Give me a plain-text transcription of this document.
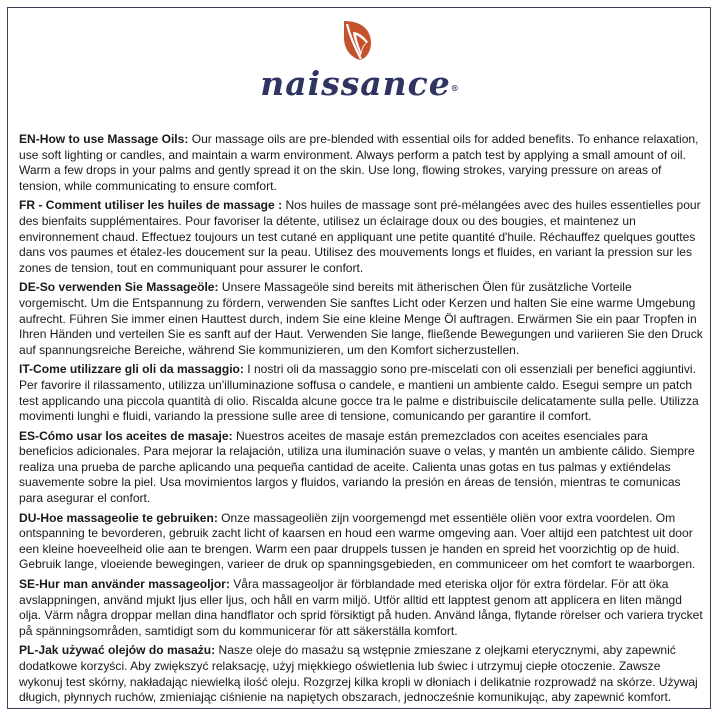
naissance®

EN-How to use Massage Oils: Our massage oils are pre-blended with essential oils for added benefits. To enhance relaxation, use soft lighting or candles, and maintain a warm environment. Always perform a patch test by applying a small amount of oil. Warm a few drops in your palms and gently spread it on the skin. Use long, flowing strokes, varying pressure on areas of tension, while communicating to ensure comfort.

FR - Comment utiliser les huiles de massage : Nos huiles de massage sont pré-mélangées avec des huiles essentielles pour des bienfaits supplémentaires. Pour favoriser la détente, utilisez un éclairage doux ou des bougies, et maintenez un environnement chaud. Effectuez toujours un test cutané en appliquant une petite quantité d'huile. Réchauffez quelques gouttes dans vos paumes et étalez-les doucement sur la peau. Utilisez des mouvements longs et fluides, en variant la pression sur les zones de tension, tout en communiquant pour assurer le confort.

DE-So verwenden Sie Massageöle: Unsere Massageöle sind bereits mit ätherischen Ölen für zusätzliche Vorteile vorgemischt. Um die Entspannung zu fördern, verwenden Sie sanftes Licht oder Kerzen und halten Sie eine warme Umgebung aufrecht. Führen Sie immer einen Hauttest durch, indem Sie eine kleine Menge Öl auftragen. Erwärmen Sie ein paar Tropfen in Ihren Händen und verteilen Sie es sanft auf der Haut. Verwenden Sie lange, fließende Bewegungen und variieren Sie den Druck auf spannungsreiche Bereiche, während Sie kommunizieren, um den Komfort sicherzustellen.

IT-Come utilizzare gli oli da massaggio: I nostri oli da massaggio sono pre-miscelati con oli essenziali per benefici aggiuntivi. Per favorire il rilassamento, utilizza un'illuminazione soffusa o candele, e mantieni un ambiente caldo. Esegui sempre un patch test applicando una piccola quantità di olio. Riscalda alcune gocce tra le palme e distribuiscile delicatamente sulla pelle. Utilizza movimenti lunghi e fluidi, variando la pressione sulle aree di tensione, comunicando per garantire il comfort.

ES-Cómo usar los aceites de masaje: Nuestros aceites de masaje están premezclados con aceites esenciales para beneficios adicionales. Para mejorar la relajación, utiliza una iluminación suave o velas, y mantén un ambiente cálido. Siempre realiza una prueba de parche aplicando una pequeña cantidad de aceite. Calienta unas gotas en tus palmas y extiéndelas suavemente sobre la piel. Usa movimientos largos y fluidos, variando la presión en áreas de tensión, mientras te comunicas para asegurar el confort.

DU-Hoe massageolie te gebruiken: Onze massageoliën zijn voorgemengd met essentiële oliën voor extra voordelen. Om ontspanning te bevorderen, gebruik zacht licht of kaarsen en houd een warme omgeving aan. Voer altijd een patchtest uit door een kleine hoeveelheid olie aan te brengen. Warm een paar druppels tussen je handen en spreid het voorzichtig op de huid. Gebruik lange, vloeiende bewegingen, varieer de druk op spanningsgebieden, en communiceer om het comfort te waarborgen.

SE-Hur man använder massageoljor: Våra massageoljor är förblandade med eteriska oljor för extra fördelar. För att öka avslappningen, använd mjukt ljus eller ljus, och håll en varm miljö. Utför alltid ett lapptest genom att applicera en liten mängd olja. Värm några droppar mellan dina handflator och sprid försiktigt på huden. Använd långa, flytande rörelser och variera trycket på spänningsområden, samtidigt som du kommunicerar för att säkerställa komfort.

PL-Jak używać olejów do masażu: Nasze oleje do masażu są wstępnie zmieszane z olejkami eterycznymi, aby zapewnić dodatkowe korzyści. Aby zwiększyć relaksację, użyj miękkiego oświetlenia lub świec i utrzymuj ciepłe otoczenie. Zawsze wykonuj test skórny, nakładając niewielką ilość oleju. Rozgrzej kilka kropli w dłoniach i delikatnie rozprowadź na skórze. Używaj długich, płynnych ruchów, zmieniając ciśnienie na napiętych obszarach, jednocześnie komunikując, aby zapewnić komfort.
